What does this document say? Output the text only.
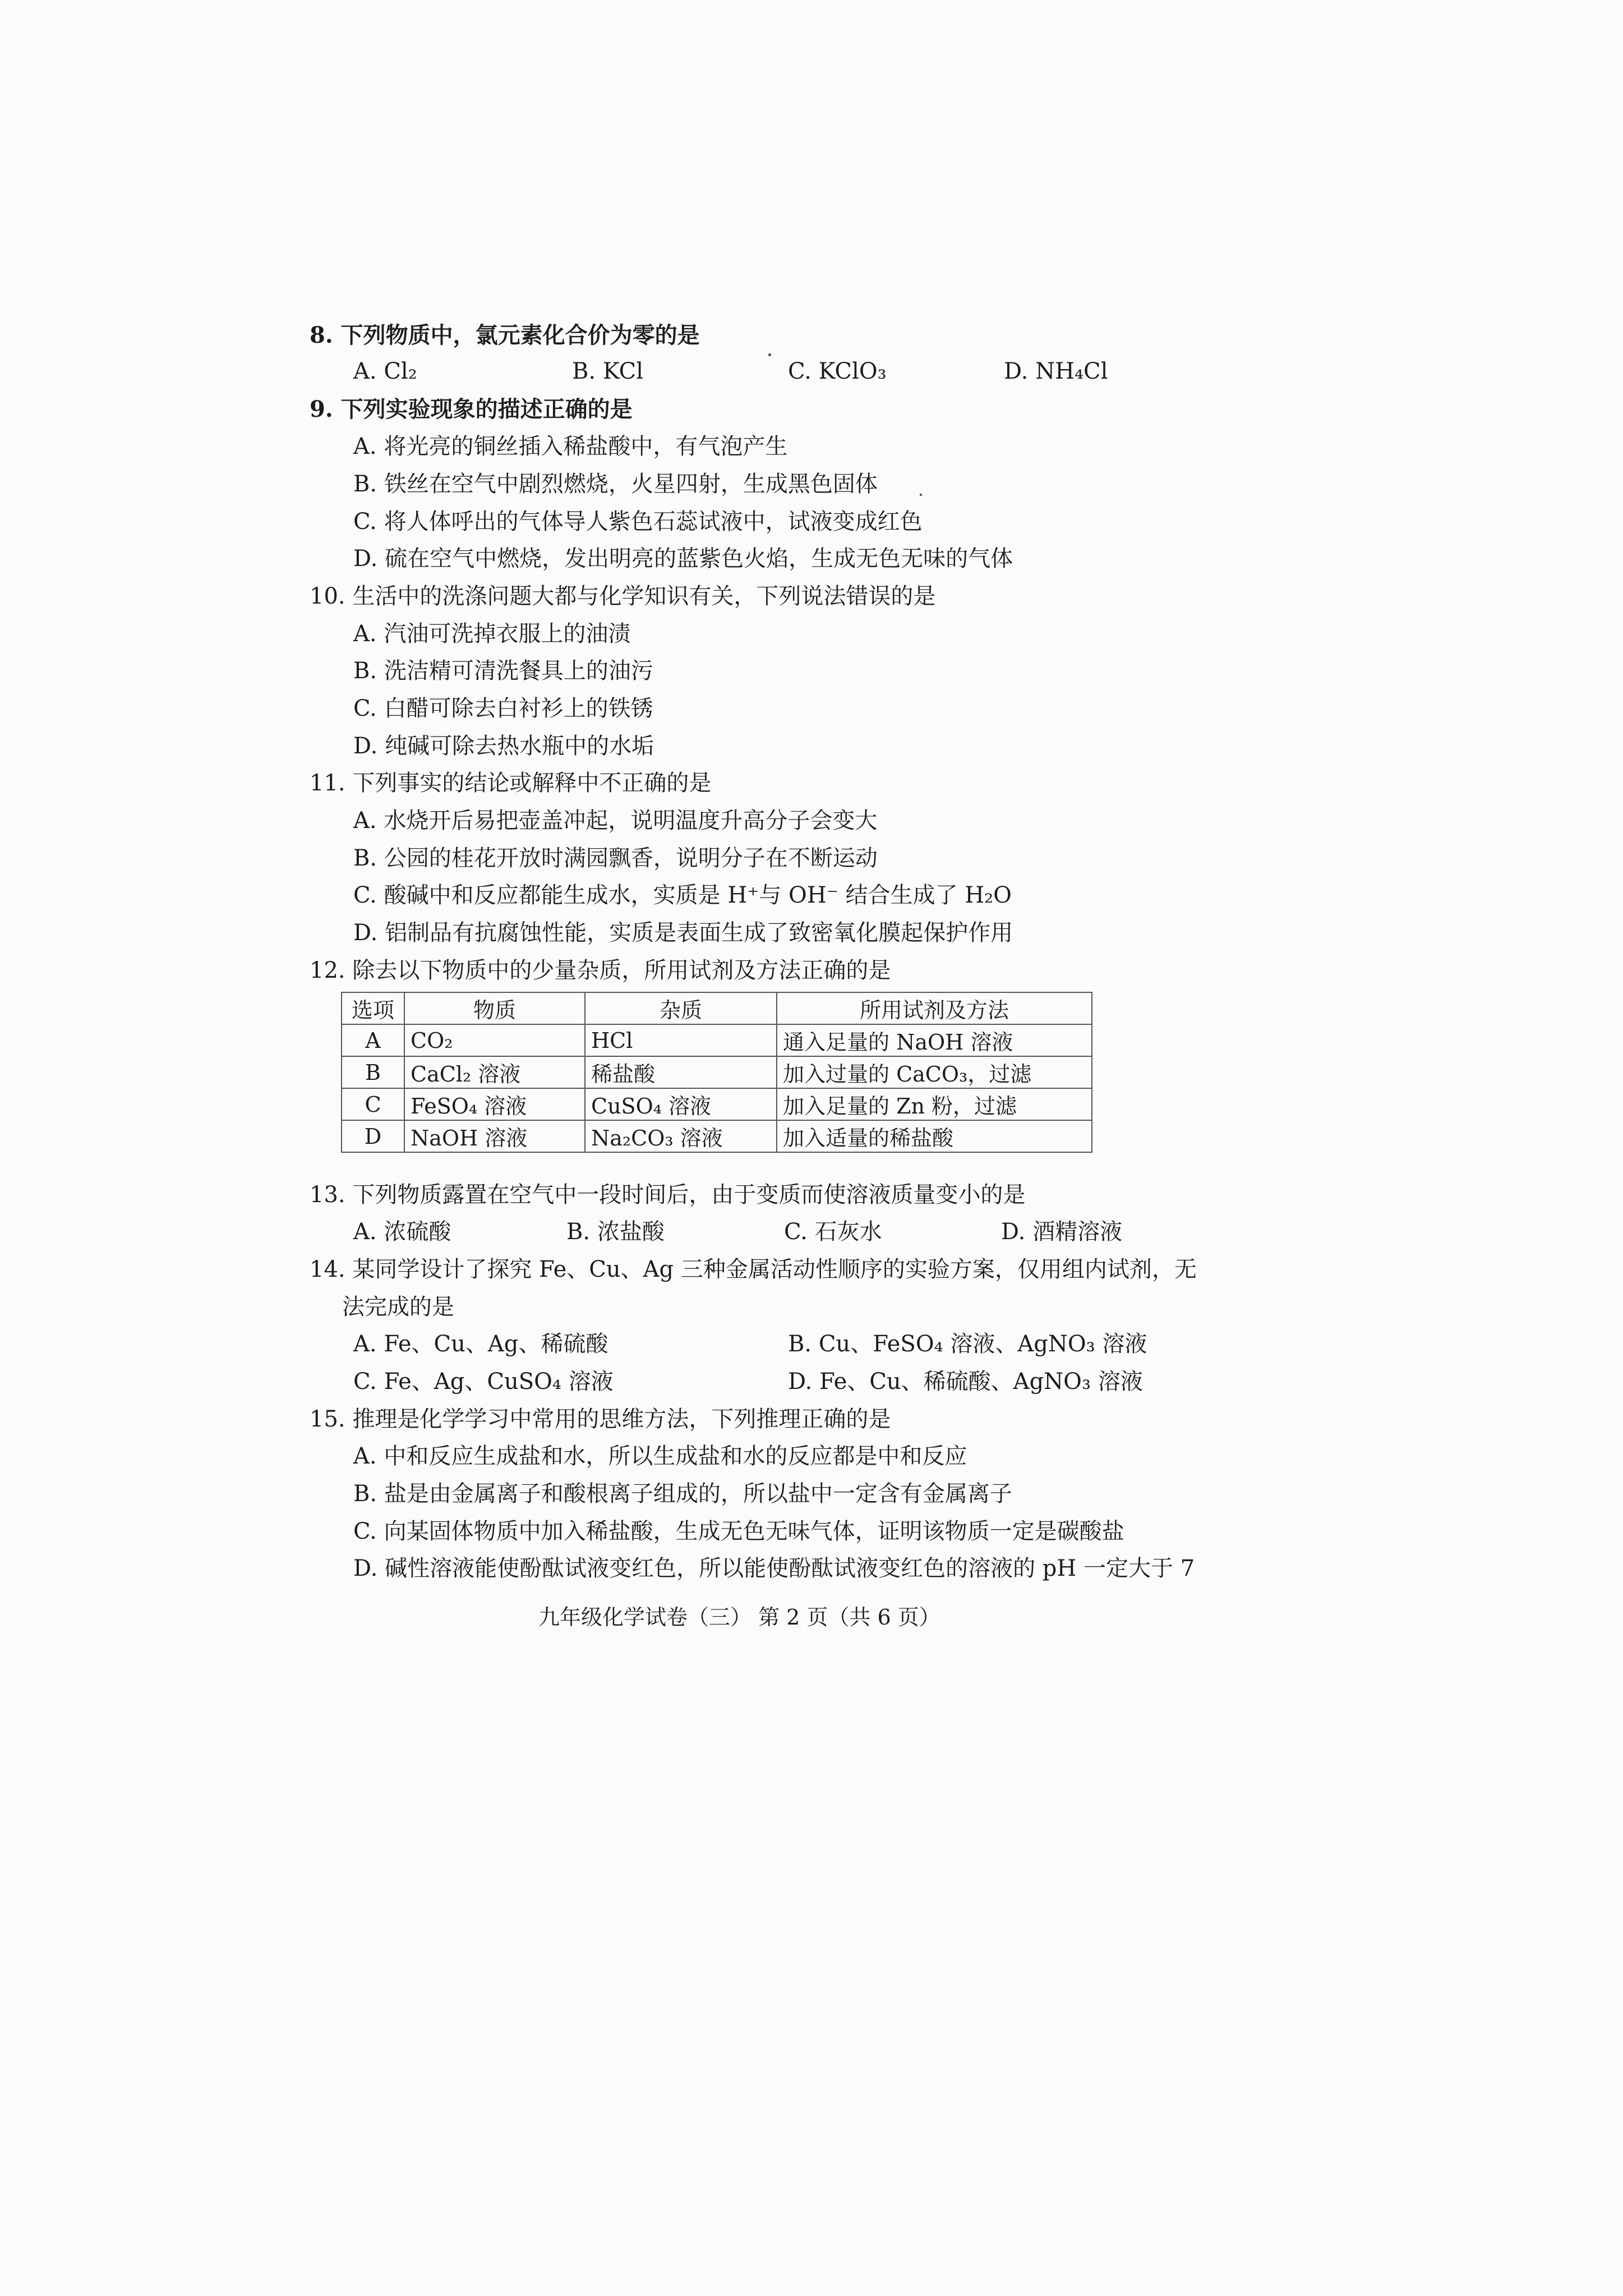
8. 下列物质中，氯元素化合价为零的是
A. Cl₂	B. KCl	C. KClO₃	D. NH₄Cl
9. 下列实验现象的描述正确的是
A. 将光亮的铜丝插入稀盐酸中，有气泡产生
B. 铁丝在空气中剧烈燃烧，火星四射，生成黑色固体
C. 将人体呼出的气体导人紫色石蕊试液中，试液变成红色
D. 硫在空气中燃烧，发出明亮的蓝紫色火焰，生成无色无味的气体
10. 生活中的洗涤问题大都与化学知识有关，下列说法错误的是
A. 汽油可洗掉衣服上的油渍
B. 洗洁精可清洗餐具上的油污
C. 白醋可除去白衬衫上的铁锈
D. 纯碱可除去热水瓶中的水垢
11. 下列事实的结论或解释中不正确的是
A. 水烧开后易把壶盖冲起，说明温度升高分子会变大
B. 公园的桂花开放时满园飘香，说明分子在不断运动
C. 酸碱中和反应都能生成水，实质是 H⁺与 OH⁻ 结合生成了 H₂O
D. 铝制品有抗腐蚀性能，实质是表面生成了致密氧化膜起保护作用
12. 除去以下物质中的少量杂质，所用试剂及方法正确的是
选项	物质	杂质	所用试剂及方法
A	CO₂	HCl	通入足量的 NaOH 溶液
B	CaCl₂ 溶液	稀盐酸	加入过量的 CaCO₃，过滤
C	FeSO₄ 溶液	CuSO₄ 溶液	加入足量的 Zn 粉，过滤
D	NaOH 溶液	Na₂CO₃ 溶液	加入适量的稀盐酸
13. 下列物质露置在空气中一段时间后，由于变质而使溶液质量变小的是
A. 浓硫酸	B. 浓盐酸	C. 石灰水	D. 酒精溶液
14. 某同学设计了探究 Fe、Cu、Ag 三种金属活动性顺序的实验方案，仅用组内试剂，无
法完成的是
A. Fe、Cu、Ag、稀硫酸	B. Cu、FeSO₄ 溶液、AgNO₃ 溶液
C. Fe、Ag、CuSO₄ 溶液	D. Fe、Cu、稀硫酸、AgNO₃ 溶液
15. 推理是化学学习中常用的思维方法，下列推理正确的是
A. 中和反应生成盐和水，所以生成盐和水的反应都是中和反应
B. 盐是由金属离子和酸根离子组成的，所以盐中一定含有金属离子
C. 向某固体物质中加入稀盐酸，生成无色无味气体，证明该物质一定是碳酸盐
D. 碱性溶液能使酚酞试液变红色，所以能使酚酞试液变红色的溶液的 pH 一定大于 7
九年级化学试卷（三） 第 2 页（共 6 页）
